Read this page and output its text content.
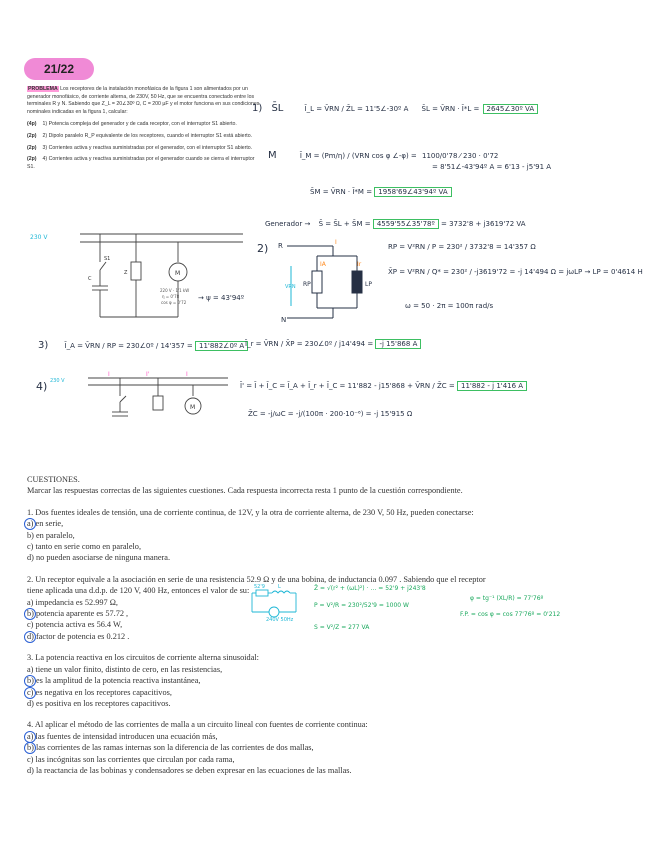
21/22

PROBLEMA Los receptores de la instalación monofásica de la figura 1 son alimentados por un generador monofásico, de corriente alterna, de 230V, 50 Hz, que se encuentra conectado entre los terminales R y N. Sabiendo que Z_L = 20∠30º Ω, C = 200 µF y el motor funciona en sus condiciones nominales indicadas en la figura 1, calcular:

(4p) 1) Potencia compleja del generador y de cada receptor, con el interruptor S1 abierto.

(2p) 2) Dipolo paralelo R_P equivalente de los receptores, cuando el interruptor S1 está abierto.

(2p) 3) Corrientes activa y reactiva suministradas por el generador, con el interruptor S1 abierto.

(2p) 4) Corrientes activa y reactiva suministradas por el generador cuando se cierra el interruptor S1.

C
Z	M
S1
220 V · 1'1 kW
η = 0'78
cos φ = 0'72
→ ψ = 43'94º
230 V
1) S̄L	Ī_L = V̄RN / Z̄L = 11'5∠-30º A S̄L = V̄RN · Ī*L = 2645∠30º VA
M	Ī_M = (Pm/η) / (VRN cos φ ∠-φ) = 1100/0'78 ⁄ 230 · 0'72
= 8'51∠-43'94º A = 6'13 - j5'91 A
S̄M = V̄RN · Ī*M = 1958'69∠43'94º VA
Generador → S̄ = S̄L + S̄M = 4559'55∠35'78º = 3732'8 + j3619'72 VA
2) R
N
VRN RP	LP
IA	Ir
I
RP = V²RN / P = 230² / 3732'8 = 14'357 Ω
X̄P = V²RN / Q* = 230² / -j3619'72 = -j 14'494 Ω = jωLP → LP = 0'4614 H
ω = 50 · 2π = 100π rad/s
3) Ī_A = V̄RN / RP = 230∠0º / 14'357 = 11'882∠0º A Ī_r = V̄RN / X̄P = 230∠0º / j14'494 = -j 15'868 A
4) 230 V
M
I	I'	I
Ī' = Ī + Ī_C = Ī_A + Ī_r + Ī_C = 11'882 - j15'868 + V̄RN / Z̄C = 11'882 - j 1'416 A
Z̄C = -j/ωC = -j/(100π · 200·10⁻⁶) = -j 15'915 Ω
CUESTIONES.
Marcar las respuestas correctas de las siguientes cuestiones. Cada respuesta incorrecta resta 1 punto de la cuestión correspondiente.
1. Dos fuentes ideales de tensión, una de corriente continua, de 12V, y la otra de corriente alterna, de 230 V, 50 Hz, pueden conectarse:
a) en serie,
b) en paralelo,
c) tanto en serie como en paralelo,
d) no pueden asociarse de ninguna manera.
2. Un receptor equivale a la asociación en serie de una resistencia 52.9 Ω y de una bobina, de inductancia 0.097 . Sabiendo que el receptor tiene aplicada una d.d.p. de 120 V, 400 Hz, entonces el valor de su:
a) impedancia es 52.997 Ω,
b) potencia aparente es 57.72 ,
c) potencia activa es 56.4 W,
d) factor de potencia es 0.212 .
3. La potencia reactiva en los circuitos de corriente alterna sinusoidal:
a) tiene un valor finito, distinto de cero, en las resistencias,
b) es la amplitud de la potencia reactiva instantánea,
c) es negativa en los receptores capacitivos,
d) es positiva en los receptores capacitivos.
4. Al aplicar el método de las corrientes de malla a un circuito lineal con fuentes de corriente continua:
a) las fuentes de intensidad introducen una ecuación más,
b) las corrientes de las ramas internas son la diferencia de las corrientes de dos mallas,
c) las incógnitas son las corrientes que circulan por cada rama,
d) la reactancia de las bobinas y condensadores se deben expresar en las ecuaciones de las mallas.
52'9	L
240V 50Hz
Z̄ = √(r² + (ωL)²) · … = 52'9 + j243'8
P = V²/R = 230²/52'9 = 1000 W
S = V²/Z = 277 VA
φ = tg⁻¹ (XL/R) = 77'76º
F.P. = cos φ = cos 77'76º = 0'212
